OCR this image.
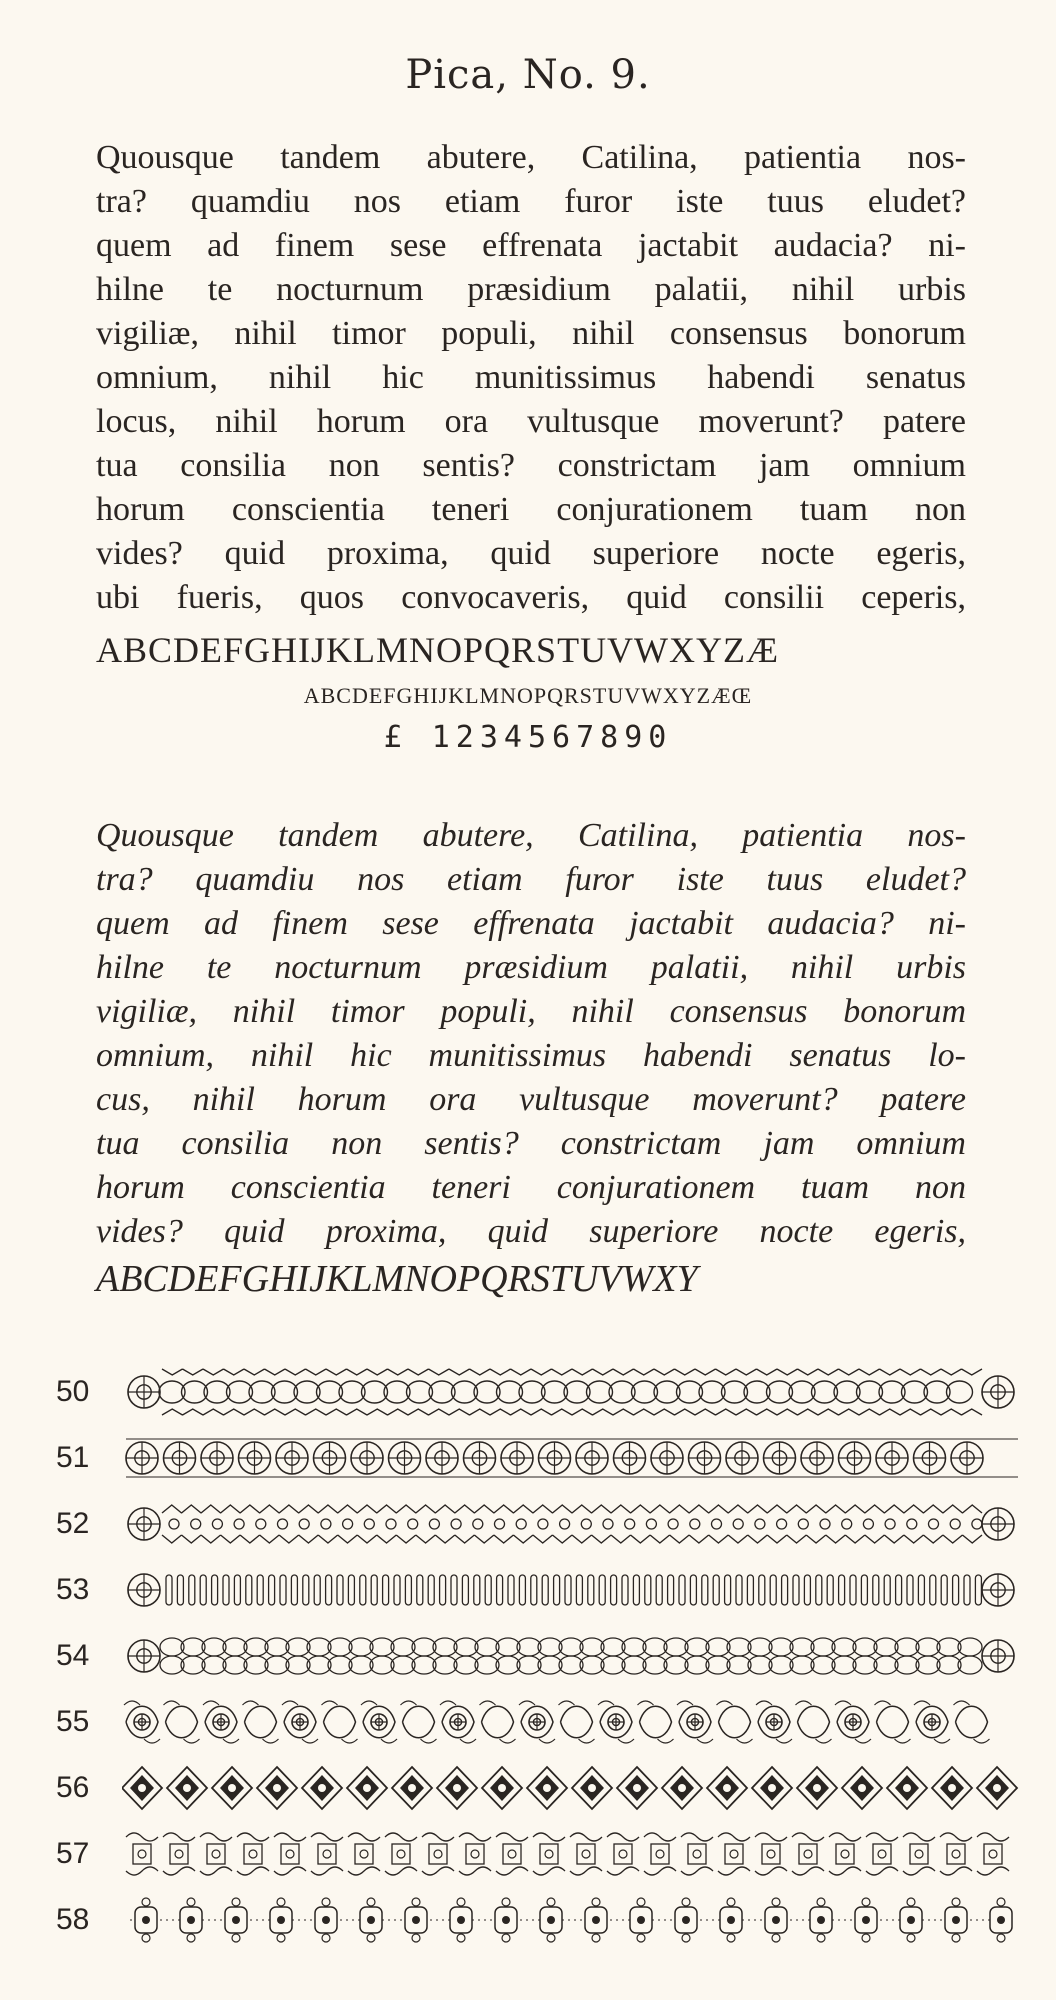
Pica, No. 9.
Quousque tandem abutere, Catilina, patientia nos-
tra? quamdiu nos etiam furor iste tuus eludet?
quem ad finem sese effrenata jactabit audacia? ni-
hilne te nocturnum præsidium palatii, nihil urbis
vigiliæ, nihil timor populi, nihil consensus bonorum
omnium, nihil hic munitissimus habendi senatus
locus, nihil horum ora vultusque moverunt? patere
tua consilia non sentis? constrictam jam omnium
horum conscientia teneri conjurationem tuam non
vides? quid proxima, quid superiore nocte egeris,
ubi fueris, quos convocaveris, quid consilii ceperis,
ABCDEFGHIJKLMNOPQRSTUVWXYZÆ
ABCDEFGHIJKLMNOPQRSTUVWXYZÆŒ
£ 1234567890
Quousque tandem abutere, Catilina, patientia nos-
tra? quamdiu nos etiam furor iste tuus eludet?
quem ad finem sese effrenata jactabit audacia? ni-
hilne te nocturnum præsidium palatii, nihil urbis
vigiliæ, nihil timor populi, nihil consensus bonorum
omnium, nihil hic munitissimus habendi senatus lo-
cus, nihil horum ora vultusque moverunt? patere
tua consilia non sentis? constrictam jam omnium
horum conscientia teneri conjurationem tuam non
vides? quid proxima, quid superiore nocte egeris,
ABCDEFGHIJKLMNOPQRSTUVWXY
50
51
52
53
54
55
56
57
58
